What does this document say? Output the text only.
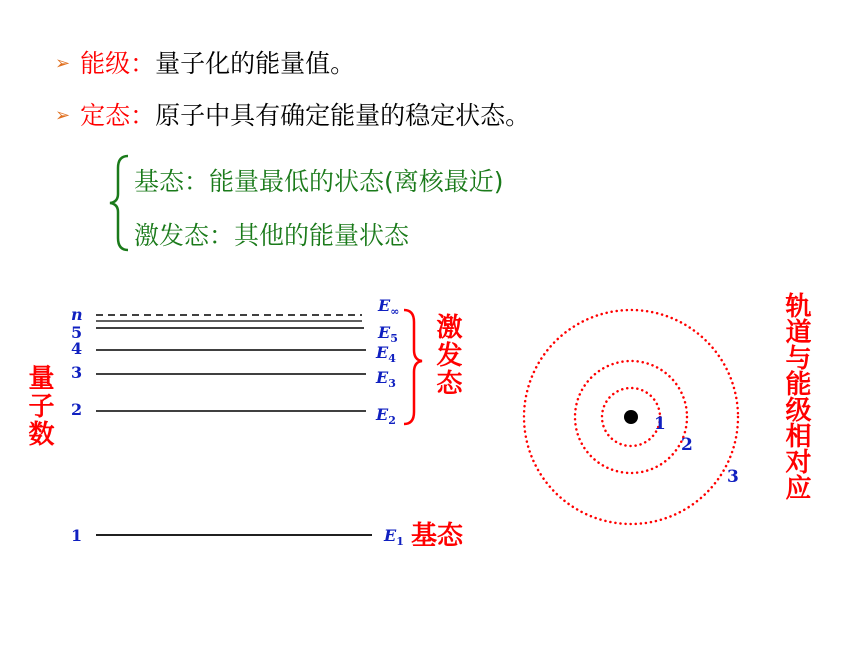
➢ 能级：量子化的能量值。
➢ 定态：原子中具有确定能量的稳定状态。
基态：能量最低的状态(离核最近)
激发态：其他的能量状态
n
5
4
3
2
1
$E_\infty$
$E_5$
$E_4$
$E_3$
$E_2$
$E_1$
量子数
激发态
基态
1
2
3 轨道与能级相对应
